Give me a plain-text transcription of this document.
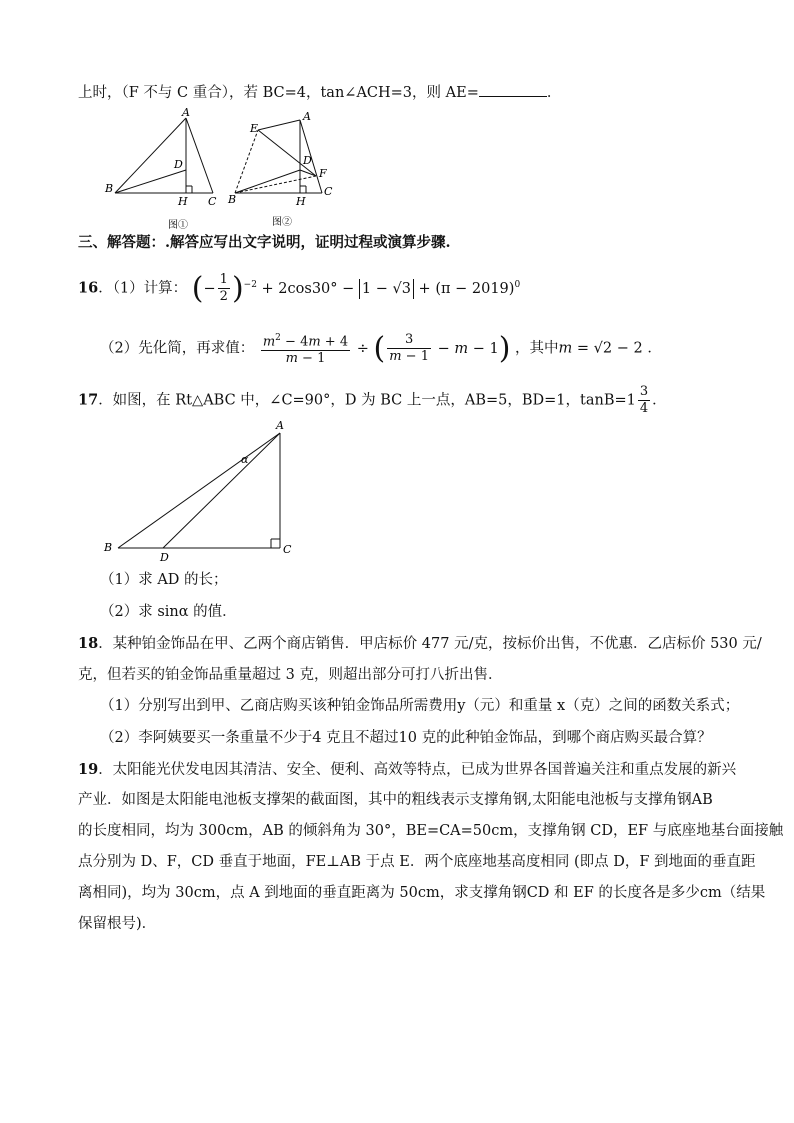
上时，（F 不与 C 重合），若 BC=4，tan∠ACH=3，则 AE=	．
A
D
B
H C
图①
E
A
D
F
B	H
C
图②
三、解答题：.解答应写出文字说明，证明过程或演算步骤.
16．（1）计算： (− $\frac{1}{2} )^{-2} + 2\cos 30^\circ - 1 - √3 + (\pi - 2019)^0$
（2）先化简，再求值： $\frac{m^2 - 4m + 4}{m - 1}$ ÷ ( $\frac{3}{m - 1} - m - 1$) ，其中m = √2 − 2 ．
17．如图，在 Rt△ABC 中，∠C=90°，D 为 BC 上一点，AB=5，BD=1，$\tan B=1 \frac{3}{4}$ ．
A
α
B
D
C
（1）求 AD 的长；
（2）求 sinα 的值．
18．某种铂金饰品在甲、乙两个商店销售．甲店标价 477 元/克，按标价出售，不优惠．乙店标价 530 元/
克，但若买的铂金饰品重量超过 3 克，则超出部分可打八折出售．
（1）分别写出到甲、乙商店购买该种铂金饰品所需费用y（元）和重量 x（克）之间的函数关系式；
（2）李阿姨要买一条重量不少于4 克且不超过10 克的此种铂金饰品，到哪个商店购买最合算？
19．太阳能光伏发电因其清洁、安全、便利、高效等特点，已成为世界各国普遍关注和重点发展的新兴
产业．如图是太阳能电池板支撑架的截面图，其中的粗线表示支撑角钢,太阳能电池板与支撑角钢AB
的长度相同，均为 300cm，AB 的倾斜角为 30°，BE=CA=50cm，支撑角钢 CD，EF 与底座地基台面接触
点分别为 D、F，CD 垂直于地面，FE⊥AB 于点 E．两个底座地基高度相同 (即点 D，F 到地面的垂直距
离相同)，均为 30cm，点 A 到地面的垂直距离为 50cm，求支撑角钢CD 和 EF 的长度各是多少cm（结果
保留根号)．
